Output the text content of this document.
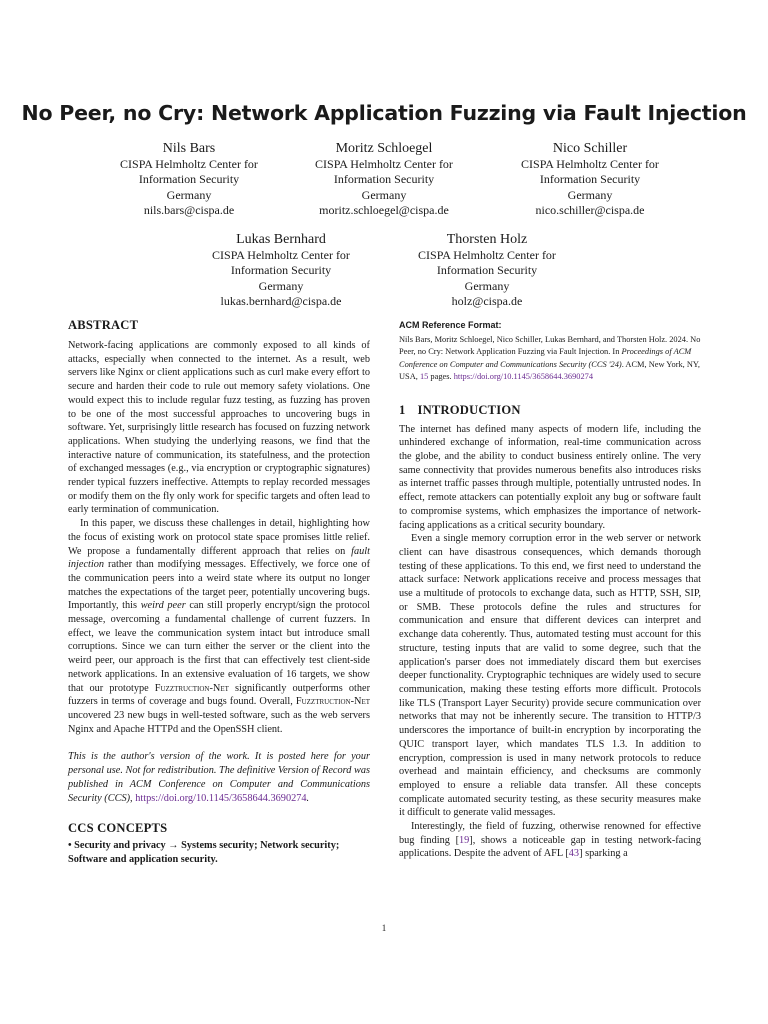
No Peer, no Cry: Network Application Fuzzing via Fault Injection
Nils Bars
CISPA Helmholtz Center for
Information Security
Germany
nils.bars@cispa.de
Moritz Schloegel
CISPA Helmholtz Center for
Information Security
Germany
moritz.schloegel@cispa.de
Nico Schiller
CISPA Helmholtz Center for
Information Security
Germany
nico.schiller@cispa.de
Lukas Bernhard
CISPA Helmholtz Center for
Information Security
Germany
lukas.bernhard@cispa.de
Thorsten Holz
CISPA Helmholtz Center for
Information Security
Germany
holz@cispa.de
ABSTRACT

Network-facing applications are commonly exposed to all kinds of attacks, especially when connected to the internet. As a result, web servers like Nginx or client applications such as curl make every effort to secure and harden their code to rule out memory safety violations. One would expect this to include regular fuzz testing, as fuzzing has proven to be one of the most successful approaches to uncovering bugs in software. Yet, surprisingly little research has focused on fuzzing network applications. When studying the underlying reasons, we find that the interactive nature of communication, its statefulness, and the protection of exchanged messages (e.g., via encryption or cryptographic signatures) render typical fuzzers ineffective. Attempts to replay recorded messages or modify them on the fly only work for specific targets and often lead to early termination of communication.

In this paper, we discuss these challenges in detail, highlighting how the focus of existing work on protocol state space promises little relief. We propose a fundamentally different approach that relies on fault injection rather than modifying messages. Effectively, we force one of the communication peers into a weird state where its output no longer matches the expectations of the target peer, potentially uncovering bugs. Importantly, this weird peer can still properly encrypt/sign the protocol message, overcoming a fundamental challenge of current fuzzers. In effect, we leave the communication system intact but introduce small corruptions. Since we can turn either the server or the client into the weird peer, our approach is the first that can effectively test client-side network applications. In an extensive evaluation of 16 targets, we show that our prototype Fuzztruction-Net significantly outperforms other fuzzers in terms of coverage and bugs found. Overall, Fuzztruction-Net uncovered 23 new bugs in well-tested software, such as the web servers Nginx and Apache HTTPd and the OpenSSH client.

This is the author's version of the work. It is posted here for your personal use. Not for redistribution. The definitive Version of Record was published in ACM Conference on Computer and Communications Security (CCS), https://doi.org/10.1145/3658644.3690274.

CCS CONCEPTS

• Security and privacy → Systems security; Network security; Software and application security.

ACM Reference Format:

Nils Bars, Moritz Schloegel, Nico Schiller, Lukas Bernhard, and Thorsten Holz. 2024. No Peer, no Cry: Network Application Fuzzing via Fault Injection. In Proceedings of ACM Conference on Computer and Communications Security (CCS '24). ACM, New York, NY, USA, 15 pages. https://doi.org/10.1145/3658644.3690274

1 INTRODUCTION

The internet has defined many aspects of modern life, including the unhindered exchange of information, real-time communication across the globe, and the ability to conduct business entirely online. The very same connectivity that provides numerous benefits also introduces risks as internet traffic passes through multiple, potentially untrusted nodes. In effect, remote attackers can potentially exploit any bug or software fault to compromise systems, which emphasizes the importance of network-facing applications as a critical security boundary.

Even a single memory corruption error in the web server or network client can have disastrous consequences, which demands thorough testing of these applications. To this end, we first need to understand the attack surface: Network applications receive and process messages that use a multitude of protocols to exchange data, such as HTTP, SSH, SIP, or SMB. These protocols define the rules and structures for communication and ensure that different devices can interpret and exchange data coherently. Thus, automated testing must account for this structure, testing inputs that are valid to some degree, such that the application's parser does not immediately discard them but exercises deeper functionality. Cryptographic techniques are widely used to secure communication, making these testing efforts more difficult. Protocols like TLS (Transport Layer Security) provide secure communication over networks that may not be inherently secure. The transition to HTTP/3 underscores the importance of built-in encryption by incorporating the QUIC transport layer, which mandates TLS 1.3. In addition to encryption, compression is used in many network protocols to reduce overhead and maintain efficiency, and checksums are commonly employed to ensure a reliable data transfer. All these concepts complicate automated security testing, as these security measures make it difficult to generate valid messages.

Interestingly, the field of fuzzing, otherwise renowned for effective bug finding [19], shows a noticeable gap in testing network-facing applications. Despite the advent of AFL [43] sparking a

1
